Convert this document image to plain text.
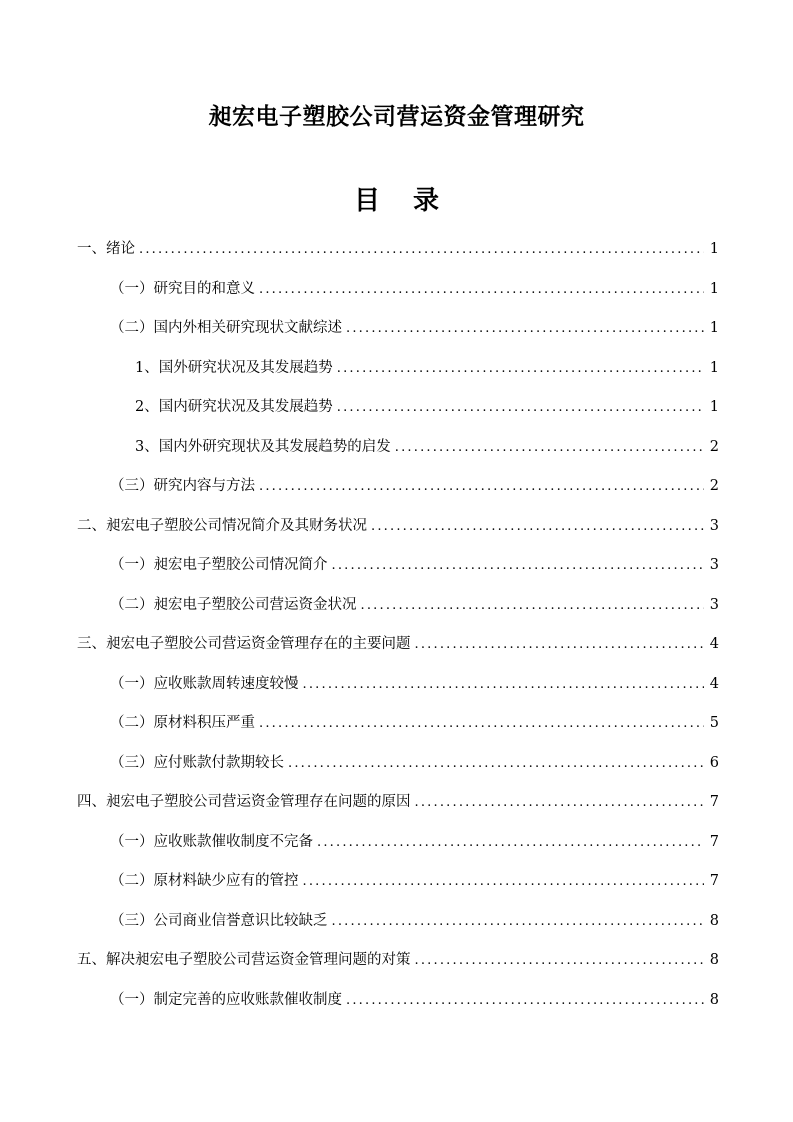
昶宏电子塑胶公司营运资金管理研究
目 录
一、绪论 .....	1
（一）研究目的和意义 .....	1
（二）国内外相关研究现状文献综述 .....	1
1、国外研究状况及其发展趋势 .....	1
2、国内研究状况及其发展趋势 .....	1
3、国内外研究现状及其发展趋势的启发 .....	2
（三）研究内容与方法 .....	2
二、昶宏电子塑胶公司情况简介及其财务状况 .....	3
（一）昶宏电子塑胶公司情况简介 .....	3
（二）昶宏电子塑胶公司营运资金状况 .....	3
三、昶宏电子塑胶公司营运资金管理存在的主要问题 .....	4
（一）应收账款周转速度较慢 .....	4
（二）原材料积压严重 .....	5
（三）应付账款付款期较长 .....	6
四、昶宏电子塑胶公司营运资金管理存在问题的原因 .....	7
（一）应收账款催收制度不完备 .....	7
（二）原材料缺少应有的管控 .....	7
（三）公司商业信誉意识比较缺乏 .....	8
五、解决昶宏电子塑胶公司营运资金管理问题的对策 .....	8
（一）制定完善的应收账款催收制度 .....	8
